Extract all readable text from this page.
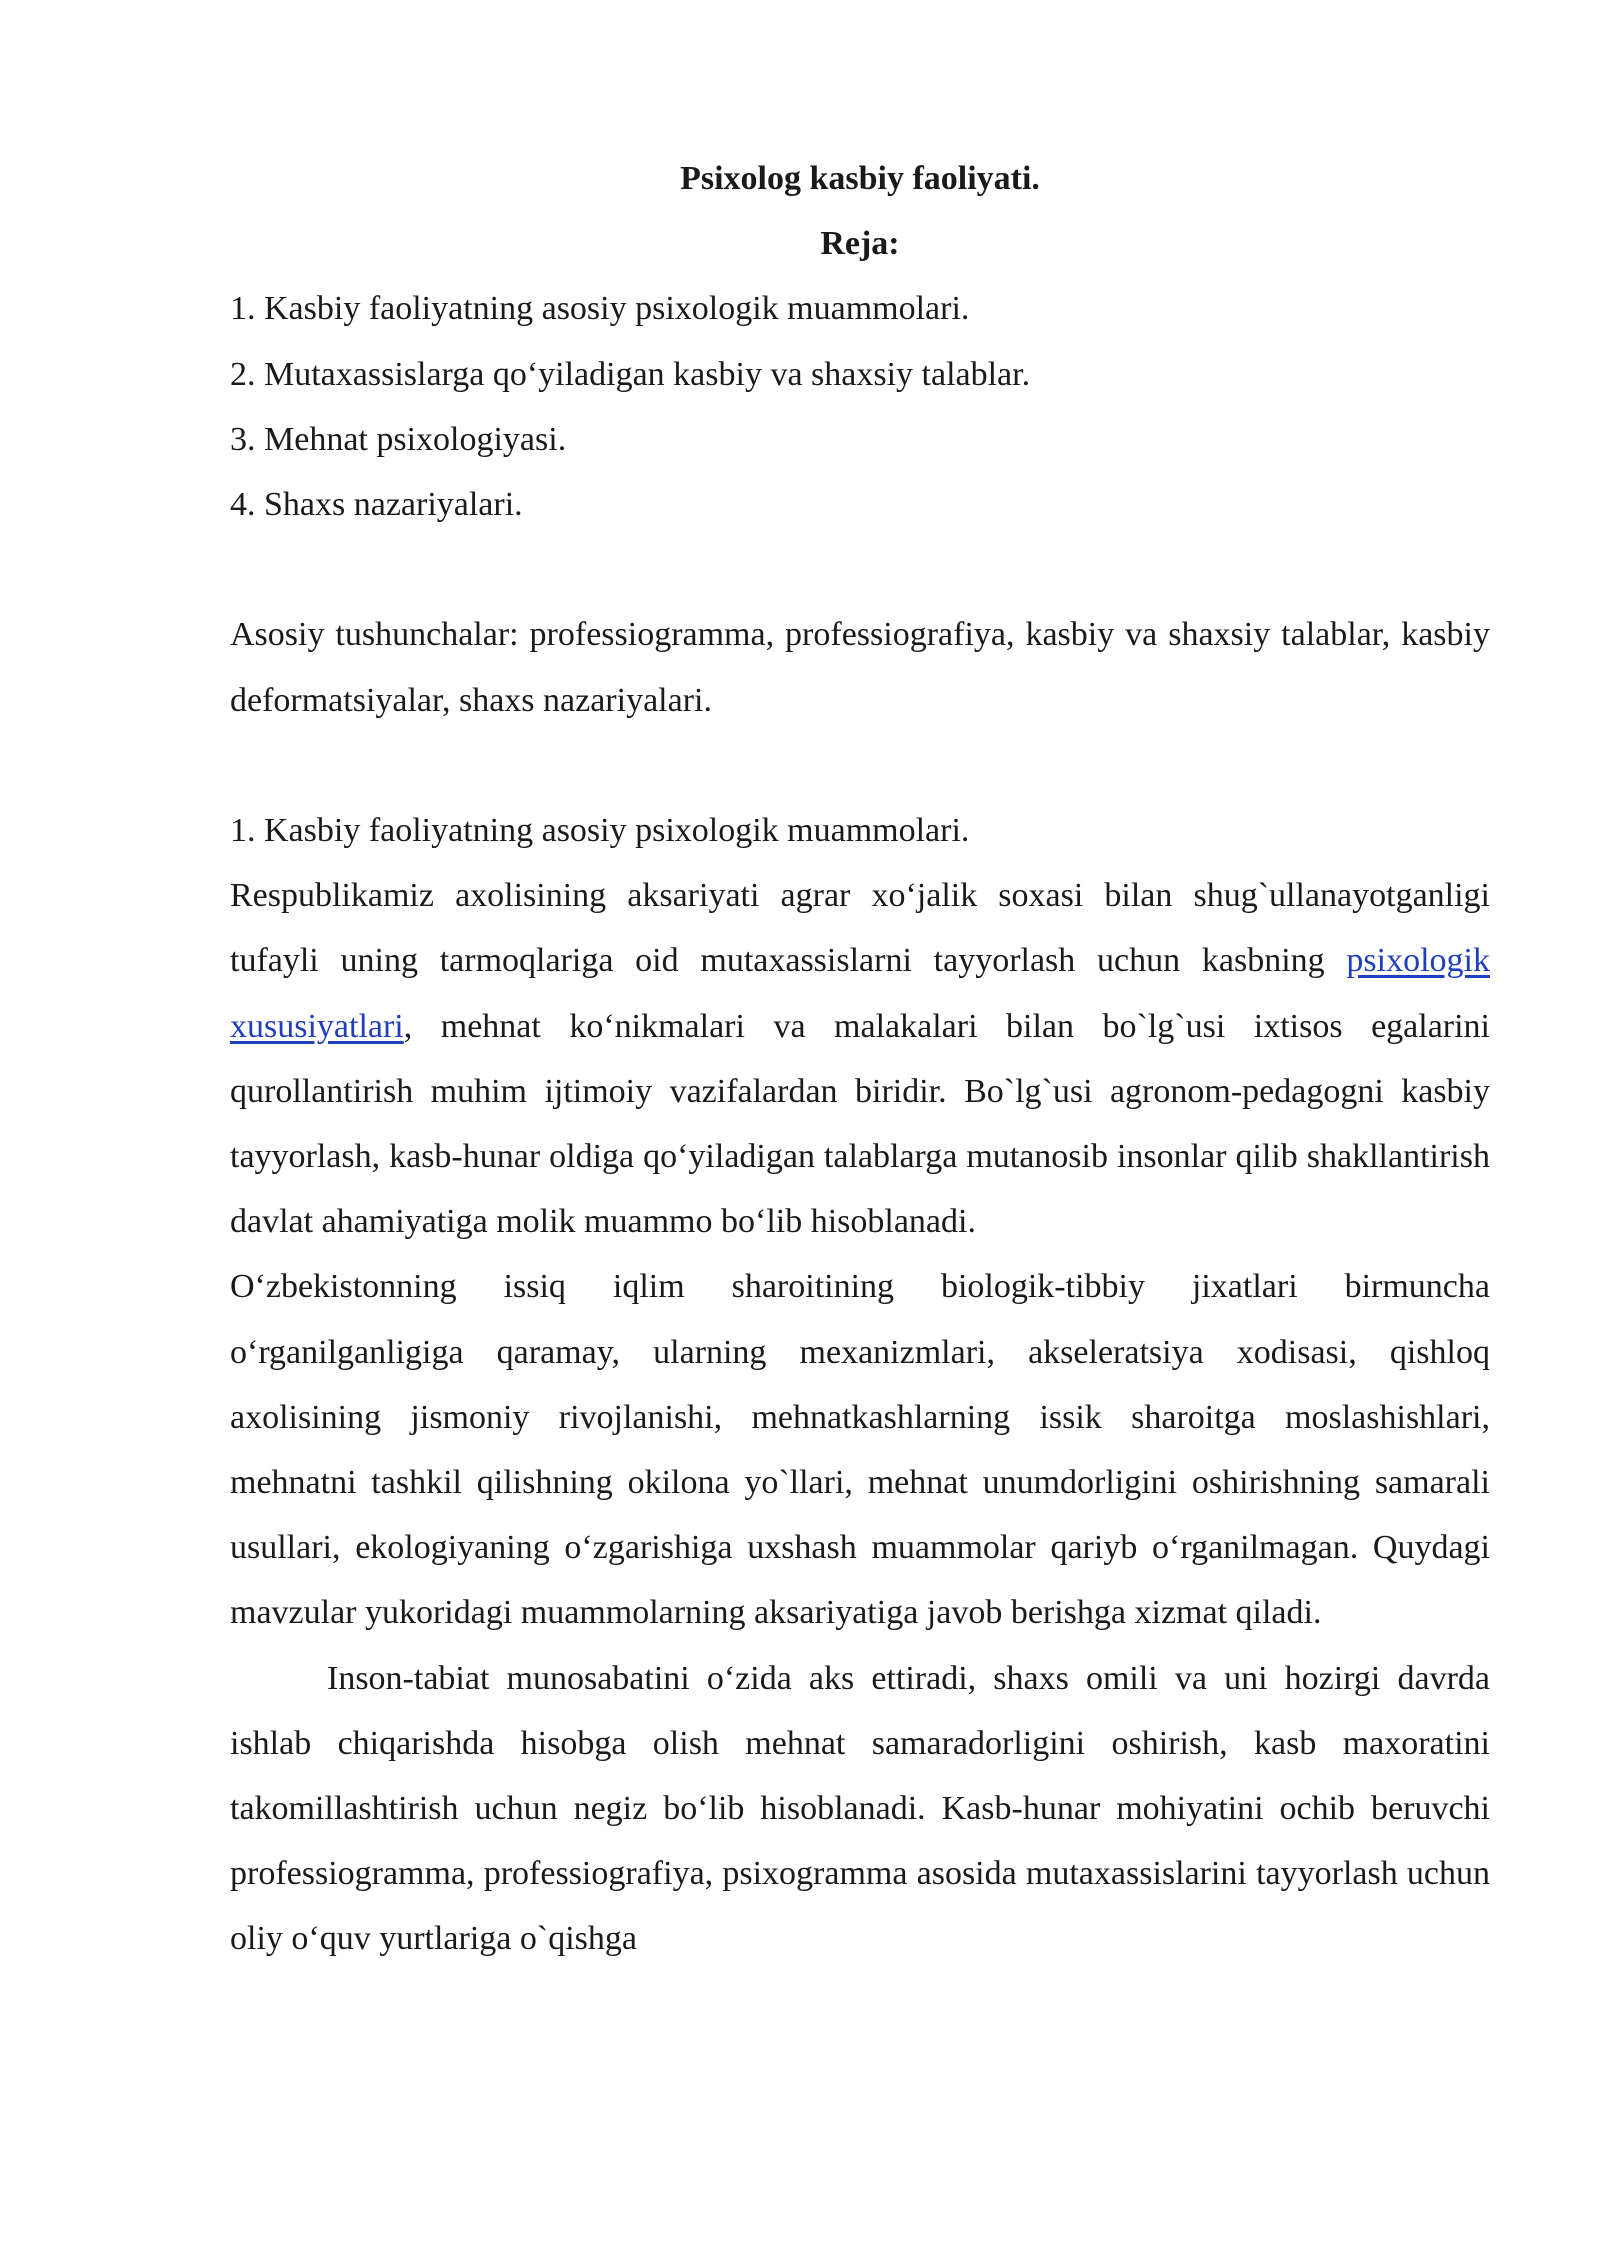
Psixolog kasbiy faoliyati.
Reja:
1. Kasbiy faoliyatning asosiy psixologik muammolari.
2. Mutaxassislarga qo‘yiladigan kasbiy va shaxsiy talablar.
3. Mehnat psixologiyasi.
4. Shaxs nazariyalari.

Asosiy tushunchalar: professiogramma, professiografiya, kasbiy va shaxsiy talablar, kasbiy deformatsiyalar, shaxs nazariyalari.

1. Kasbiy faoliyatning asosiy psixologik muammolari.

Respublikamiz axolisining aksariyati agrar xo‘jalik soxasi bilan shug`ullanayotganligi tufayli uning tarmoqlariga oid mutaxassislarni tayyorlash uchun kasbning psixologik xususiyatlari, mehnat ko‘nikmalari va malakalari bilan bo`lg`usi ixtisos egalarini qurollantirish muhim ijtimoiy vazifalardan biridir. Bo`lg`usi agronom-pedagogni kasbiy tayyorlash, kasb-hunar oldiga qo‘yiladigan talablarga mutanosib insonlar qilib shakllantirish davlat ahamiyatiga molik muammo bo‘lib hisoblanadi.

O‘zbekistonning issiq iqlim sharoitining biologik-tibbiy jixatlari birmuncha o‘rganilganligiga qaramay, ularning mexanizmlari, akseleratsiya xodisasi, qishloq axolisining jismoniy rivojlanishi, mehnatkashlarning issik sharoitga moslashishlari, mehnatni tashkil qilishning okilona yo`llari, mehnat unumdorligini oshirishning samarali usullari, ekologiyaning o‘zgarishiga uxshash muammolar qariyb o‘rganilmagan. Quydagi mavzular yukoridagi muammolarning aksariyatiga javob berishga xizmat qiladi.

Inson-tabiat munosabatini o‘zida aks ettiradi, shaxs omili va uni hozirgi davrda ishlab chiqarishda hisobga olish mehnat samaradorligini oshirish, kasb maxoratini takomillashtirish uchun negiz bo‘lib hisoblanadi. Kasb-hunar mohiyatini ochib beruvchi professiogramma, professiografiya, psixogramma asosida mutaxassislarini tayyorlash uchun oliy o‘quv yurtlariga o`qishga
